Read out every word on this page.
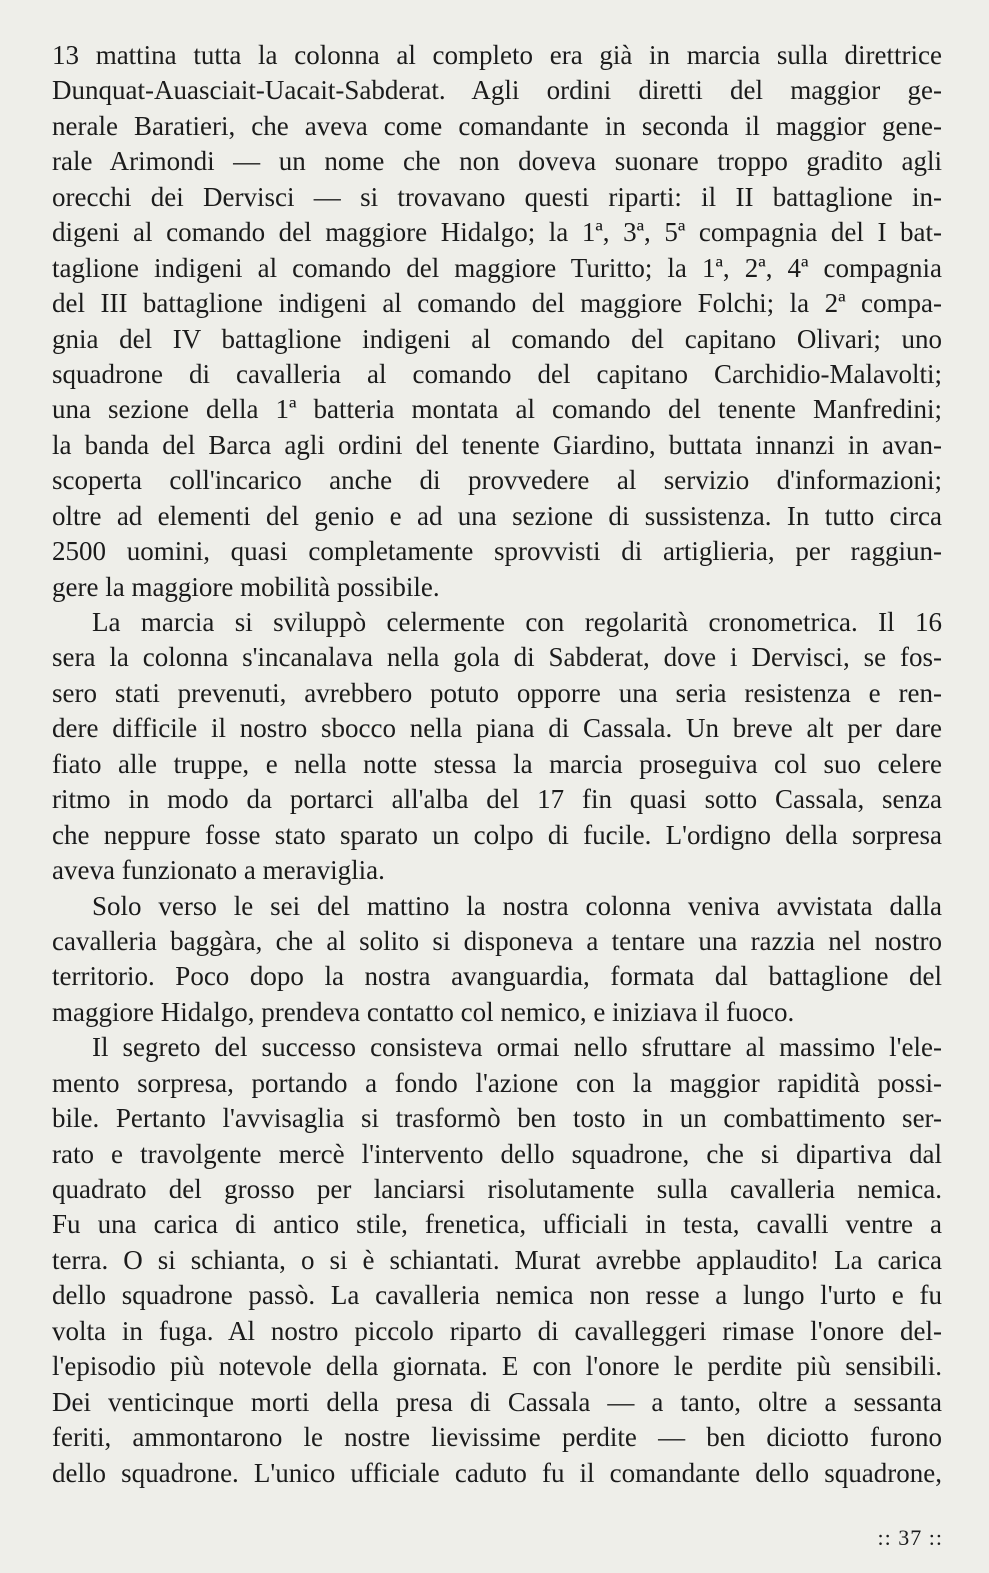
13 mattina tutta la colonna al completo era già in marcia sulla direttrice
Dunquat-Auasciait-Uacait-Sabderat. Agli ordini diretti del maggior ge-
nerale Baratieri, che aveva come comandante in seconda il maggior gene-
rale Arimondi — un nome che non doveva suonare troppo gradito agli
orecchi dei Dervisci — si trovavano questi riparti: il II battaglione in-
digeni al comando del maggiore Hidalgo; la 1ª, 3ª, 5ª compagnia del I bat-
taglione indigeni al comando del maggiore Turitto; la 1ª, 2ª, 4ª compagnia
del III battaglione indigeni al comando del maggiore Folchi; la 2ª compa-
gnia del IV battaglione indigeni al comando del capitano Olivari; uno
squadrone di cavalleria al comando del capitano Carchidio-Malavolti;
una sezione della 1ª batteria montata al comando del tenente Manfredini;
la banda del Barca agli ordini del tenente Giardino, buttata innanzi in avan-
scoperta coll'incarico anche di provvedere al servizio d'informazioni;
oltre ad elementi del genio e ad una sezione di sussistenza. In tutto circa
2500 uomini, quasi completamente sprovvisti di artiglieria, per raggiun-
gere la maggiore mobilità possibile.
La marcia si sviluppò celermente con regolarità cronometrica. Il 16
sera la colonna s'incanalava nella gola di Sabderat, dove i Dervisci, se fos-
sero stati prevenuti, avrebbero potuto opporre una seria resistenza e ren-
dere difficile il nostro sbocco nella piana di Cassala. Un breve alt per dare
fiato alle truppe, e nella notte stessa la marcia proseguiva col suo celere
ritmo in modo da portarci all'alba del 17 fin quasi sotto Cassala, senza
che neppure fosse stato sparato un colpo di fucile. L'ordigno della sorpresa
aveva funzionato a meraviglia.
Solo verso le sei del mattino la nostra colonna veniva avvistata dalla
cavalleria baggàra, che al solito si disponeva a tentare una razzia nel nostro
territorio. Poco dopo la nostra avanguardia, formata dal battaglione del
maggiore Hidalgo, prendeva contatto col nemico, e iniziava il fuoco.
Il segreto del successo consisteva ormai nello sfruttare al massimo l'ele-
mento sorpresa, portando a fondo l'azione con la maggior rapidità possi-
bile. Pertanto l'avvisaglia si trasformò ben tosto in un combattimento ser-
rato e travolgente mercè l'intervento dello squadrone, che si dipartiva dal
quadrato del grosso per lanciarsi risolutamente sulla cavalleria nemica.
Fu una carica di antico stile, frenetica, ufficiali in testa, cavalli ventre a
terra. O si schianta, o si è schiantati. Murat avrebbe applaudito! La carica
dello squadrone passò. La cavalleria nemica non resse a lungo l'urto e fu
volta in fuga. Al nostro piccolo riparto di cavalleggeri rimase l'onore del-
l'episodio più notevole della giornata. E con l'onore le perdite più sensibili.
Dei venticinque morti della presa di Cassala — a tanto, oltre a sessanta
feriti, ammontarono le nostre lievissime perdite — ben diciotto furono
dello squadrone. L'unico ufficiale caduto fu il comandante dello squadrone,
:: 37 ::
